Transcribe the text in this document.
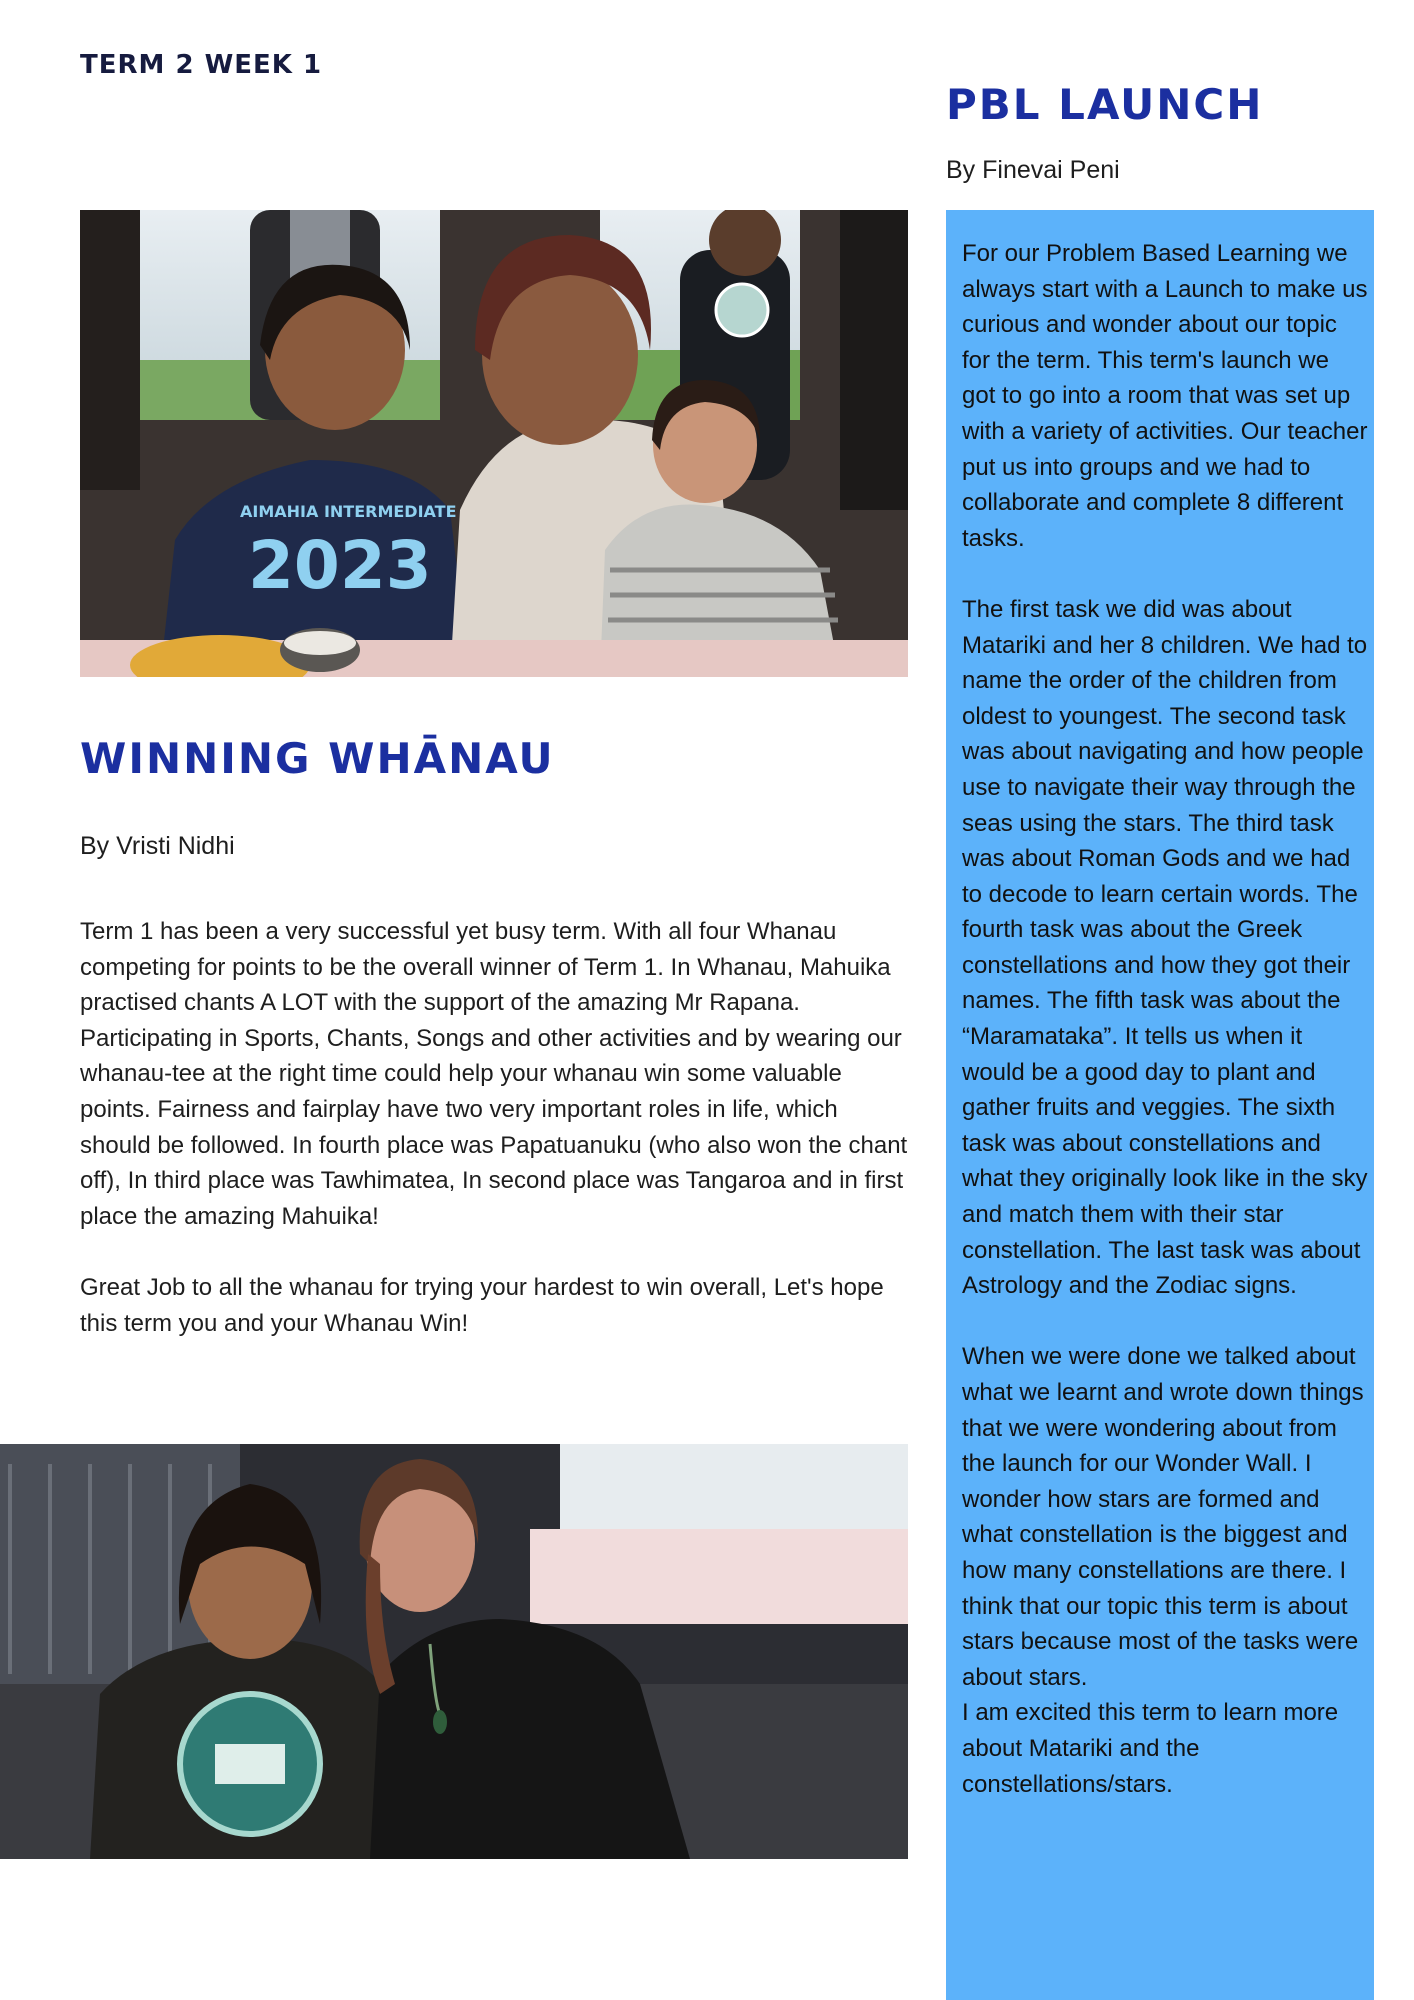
TERM 2 WEEK 1
AIMAHIA INTERMEDIATE
2023
WINNING WHĀNAU
By Vristi Nidhi

Term 1 has been a very successful yet busy term. With all four Whanau competing for points to be the overall winner of Term 1. In Whanau, Mahuika practised chants A LOT with the support of the amazing Mr Rapana. Participating in Sports, Chants, Songs and other activities and by wearing our whanau-tee at the right time could help your whanau win some valuable points. Fairness and fairplay have two very important roles in life, which should be followed. In fourth place was Papatuanuku (who also won the chant off), In third place was Tawhimatea, In second place was Tangaroa and in first place the amazing Mahuika!

Great Job to all the whanau for trying your hardest to win overall, Let's hope this term you and your Whanau Win!

PBL LAUNCH
By Finevai Peni

For our Problem Based Learning we always start with a Launch to make us curious and wonder about our topic for the term. This term's launch we got to go into a room that was set up with a variety of activities. Our teacher put us into groups and we had to collaborate and complete 8 different tasks.

The first task we did was about Matariki and her 8 children. We had to name the order of the children from oldest to youngest. The second task was about navigating and how people use to navigate their way through the seas using the stars. The third task was about Roman Gods and we had to decode to learn certain words. The fourth task was about the Greek constellations and how they got their names. The fifth task was about the “Maramataka”. It tells us when it would be a good day to plant and gather fruits and veggies. The sixth task was about constellations and what they originally look like in the sky and match them with their star constellation. The last task was about Astrology and the Zodiac signs.

When we were done we talked about what we learnt and wrote down things that we were wondering about from the launch for our Wonder Wall. I wonder how stars are formed and what constellation is the biggest and how many constellations are there. I think that our topic this term is about stars because most of the tasks were about stars.

I am excited this term to learn more about Matariki and the constellations/stars.
